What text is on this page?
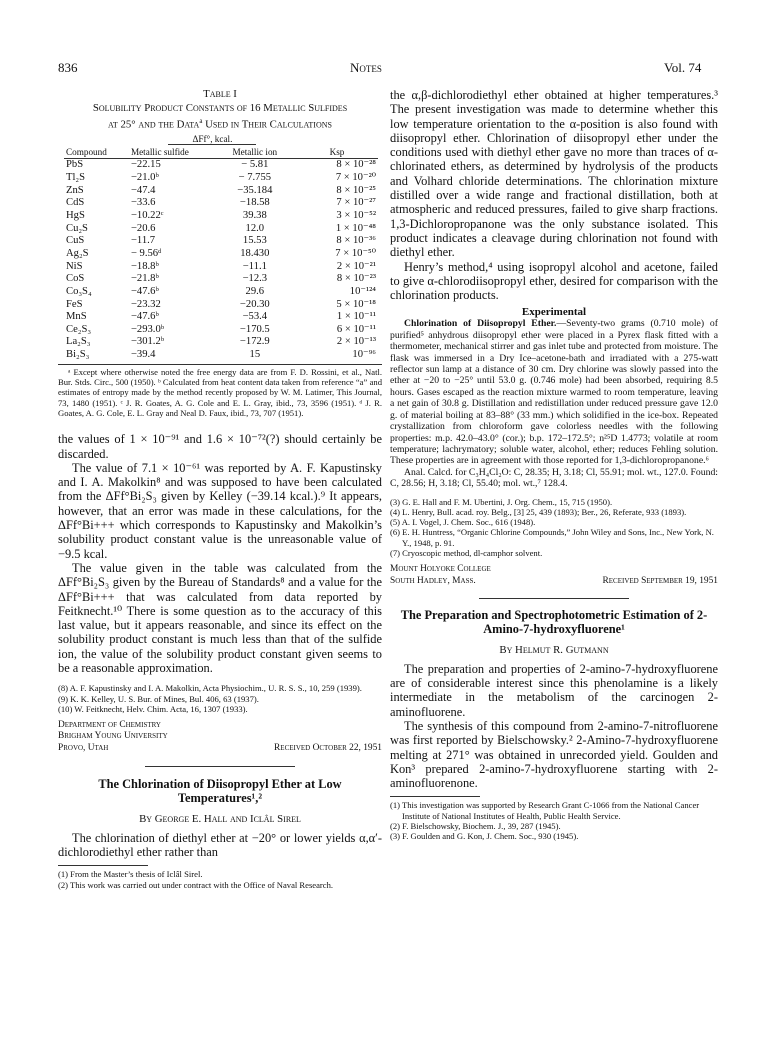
836	Notes	Vol. 74
Table I
Solubility Product Constants of 16 Metallic Sulfides
at 25° and the Data$^a$ Used in Their Calculations
	ΔFf°, kcal.		
Compound	Metallic sulfide	Metallic ion	Ksp
PbS	−22.15	− 5.81	8 × 10⁻²⁸
Tl₂S	−21.0ᵇ	− 7.755	7 × 10⁻²⁰
ZnS	−47.4	−35.184	8 × 10⁻²⁵
CdS	−33.6	−18.58	7 × 10⁻²⁷
HgS	−10.22ᶜ	39.38	3 × 10⁻⁵²
Cu₂S	−20.6	12.0	1 × 10⁻⁴⁸
CuS	−11.7	15.53	8 × 10⁻³⁶
Ag₂S	− 9.56ᵈ	18.430	7 × 10⁻⁵⁰
NiS	−18.8ᵇ	−11.1	2 × 10⁻²¹
CoS	−21.8ᵇ	−12.3	8 × 10⁻²³
Co₃S₄	−47.6ᵇ	29.6	10⁻¹²⁴
FeS	−23.32	−20.30	5 × 10⁻¹⁸
MnS	−47.6ᵇ	−53.4	1 × 10⁻¹¹
Ce₂S₃	−293.0ᵇ	−170.5	6 × 10⁻¹¹
La₂S₃	−301.2ᵇ	−172.9	2 × 10⁻¹³
Bi₂S₃	−39.4	15	10⁻⁹⁶

ᵃ Except where otherwise noted the free energy data are from F. D. Rossini, et al., Natl. Bur. Stds. Circ., 500 (1950). ᵇ Calculated from heat content data taken from reference “a” and estimates of entropy made by the method recently proposed by W. M. Latimer, This Journal, 73, 1480 (1951). ᶜ J. R. Goates, A. G. Cole and E. L. Gray, ibid., 73, 3596 (1951). ᵈ J. R. Goates, A. G. Cole, E. L. Gray and Neal D. Faux, ibid., 73, 707 (1951).

the values of 1 × 10⁻⁹¹ and 1.6 × 10⁻⁷²(?) should certainly be discarded.

The value of 7.1 × 10⁻⁶¹ was reported by A. F. Kapustinsky and I. A. Makolkin⁸ and was supposed to have been calculated from the ΔFf°Bi₂S₃ given by Kelley (−39.14 kcal.).⁹ It appears, however, that an error was made in these calculations, for the ΔFf°Bi+++ which corresponds to Kapustinsky and Makolkin’s solubility product constant value is the unreasonable value of −9.5 kcal.

The value given in the table was calculated from the ΔFf°Bi₂S₃ given by the Bureau of Standards⁸ and a value for the ΔFf°Bi+++ that was calculated from data reported by Feitknecht.¹⁰ There is some question as to the accuracy of this last value, but it appears reasonable, and since its effect on the solubility product constant is much less than that of the sulfide ion, the value of the solubility product constant given seems to be a reasonable approximation.

(8) A. F. Kapustinsky and I. A. Makolkin, Acta Physiochim., U. R. S. S., 10, 259 (1939).

(9) K. K. Kelley, U. S. Bur. of Mines, Bul. 406, 63 (1937).

(10) W. Feitknecht, Helv. Chim. Acta, 16, 1307 (1933).

Department of Chemistry
Brigham Young University
Provo, Utah	Received October 22, 1951
The Chlorination of Diisopropyl Ether at Low Temperatures¹,²
By George E. Hall and Iclâl Sirel

The chlorination of diethyl ether at −20° or lower yields α,α′-dichlorodiethyl ether rather than

(1) From the Master’s thesis of Iclâl Sirel.

(2) This work was carried out under contract with the Office of Naval Research.

the α,β-dichlorodiethyl ether obtained at higher temperatures.³ The present investigation was made to determine whether this low temperature orientation to the α-position is also found with diisopropyl ether. Chlorination of diisopropyl ether under the conditions used with diethyl ether gave no more than traces of α-chlorinated ethers, as determined by hydrolysis of the products and Volhard chloride determinations. The chlorination mixture distilled over a wide range and fractional distillation, both at atmospheric and reduced pressures, failed to give sharp fractions. 1,3-Dichloropropanone was the only substance isolated. This product indicates a cleavage during chlorination not found with diethyl ether.

Henry’s method,⁴ using isopropyl alcohol and acetone, failed to give α-chlorodiisopropyl ether, desired for comparison with the chlorination products.

Experimental

Chlorination of Diisopropyl Ether.—Seventy-two grams (0.710 mole) of purified⁵ anhydrous diisopropyl ether were placed in a Pyrex flask fitted with a thermometer, mechanical stirrer and gas inlet tube and protected from moisture. The flask was immersed in a Dry Ice–acetone-bath and irradiated with a 275-watt reflector sun lamp at a distance of 30 cm. Dry chlorine was slowly passed into the ether at −20 to −25° until 53.0 g. (0.746 mole) had been absorbed, requiring 8.5 hours. Gases escaped as the reaction mixture warmed to room temperature, leaving a net gain of 30.8 g. Distillation and redistillation under reduced pressure gave 12.0 g. of material boiling at 83–88° (33 mm.) which solidified in the ice-box. Repeated crystallization from chloroform gave colorless needles with the following properties: m.p. 42.0–43.0° (cor.); b.p. 172–172.5°; n²⁵D 1.4773; volatile at room temperature; lachrymatory; soluble water, alcohol, ether; reduces Fehling solution. These properties are in agreement with those reported for 1,3-dichloropropanone.⁶

Anal. Calcd. for C₃H₄Cl₂O: C, 28.35; H, 3.18; Cl, 55.91; mol. wt., 127.0. Found: C, 28.56; H, 3.18; Cl, 55.40; mol. wt.,⁷ 128.4.

(3) G. E. Hall and F. M. Ubertini, J. Org. Chem., 15, 715 (1950).

(4) L. Henry, Bull. acad. roy. Belg., [3] 25, 439 (1893); Ber., 26, Referate, 933 (1893).

(5) A. I. Vogel, J. Chem. Soc., 616 (1948).

(6) E. H. Huntress, “Organic Chlorine Compounds,” John Wiley and Sons, Inc., New York, N. Y., 1948, p. 91.

(7) Cryoscopic method, dl-camphor solvent.

Mount Holyoke College
South Hadley, Mass.	Received September 19, 1951
The Preparation and Spectrophotometric Estimation of 2-Amino-7-hydroxyfluorene¹
By Helmut R. Gutmann

The preparation and properties of 2-amino-7-hydroxyfluorene are of considerable interest since this phenolamine is a likely intermediate in the metabolism of the carcinogen 2-aminofluorene.

The synthesis of this compound from 2-amino-7-nitrofluorene was first reported by Bielschowsky.² 2-Amino-7-hydroxyfluorene melting at 271° was obtained in unrecorded yield. Goulden and Kon³ prepared 2-amino-7-hydroxyfluorene starting with 2-aminofluorenone.

(1) This investigation was supported by Research Grant C-1066 from the National Cancer Institute of National Institutes of Health, Public Health Service.

(2) F. Bielschowsky, Biochem. J., 39, 287 (1945).

(3) F. Goulden and G. Kon, J. Chem. Soc., 930 (1945).
